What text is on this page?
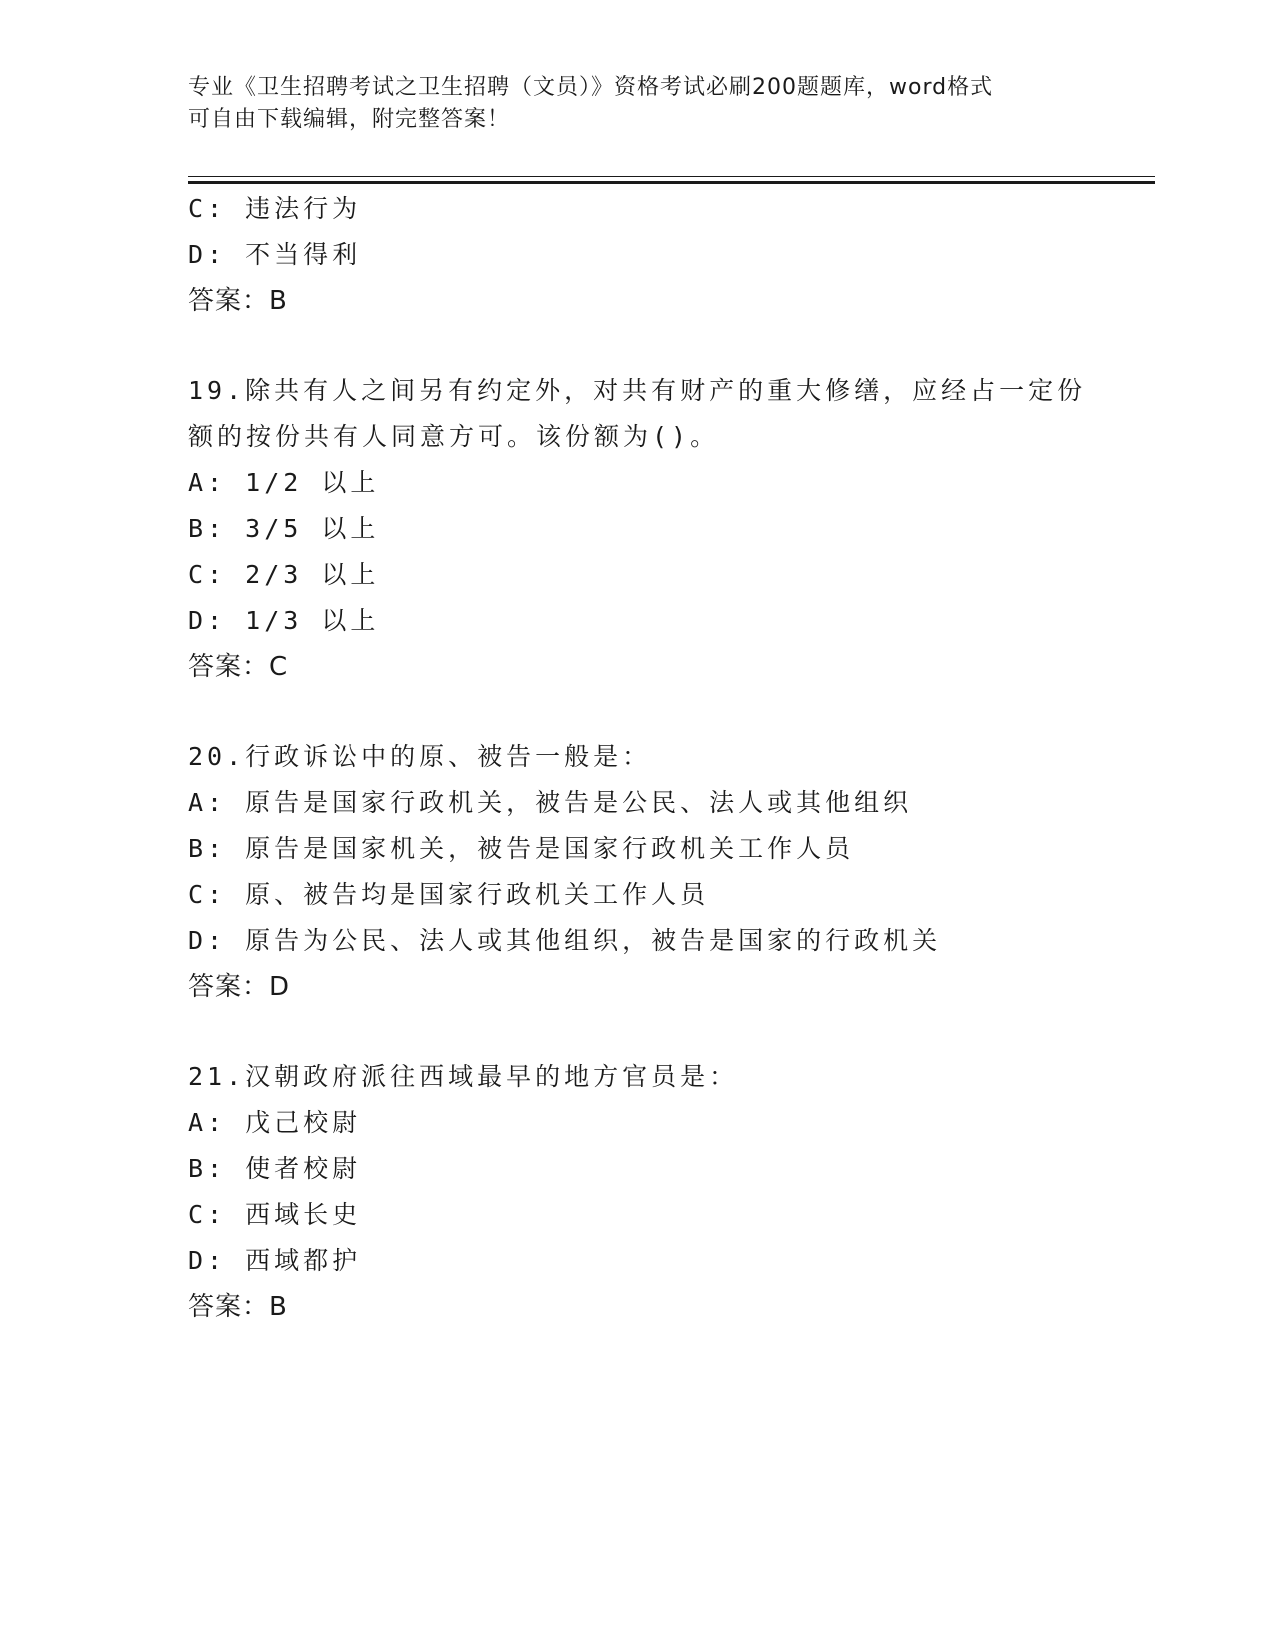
专业《卫生招聘考试之卫生招聘（文员）》资格考试必刷200题题库，word格式
可自由下载编辑，附完整答案！
C: 违法行为
D: 不当得利
答案：B
19.除共有人之间另有约定外，对共有财产的重大修缮，应经占一定份
额的按份共有人同意方可。该份额为()。
A: 1/2 以上
B: 3/5 以上
C: 2/3 以上
D: 1/3 以上
答案：C
20.行政诉讼中的原、被告一般是：
A: 原告是国家行政机关，被告是公民、法人或其他组织
B: 原告是国家机关，被告是国家行政机关工作人员
C: 原、被告均是国家行政机关工作人员
D: 原告为公民、法人或其他组织，被告是国家的行政机关
答案：D
21.汉朝政府派往西域最早的地方官员是：
A: 戊己校尉
B: 使者校尉
C: 西域长史
D: 西域都护
答案：B
